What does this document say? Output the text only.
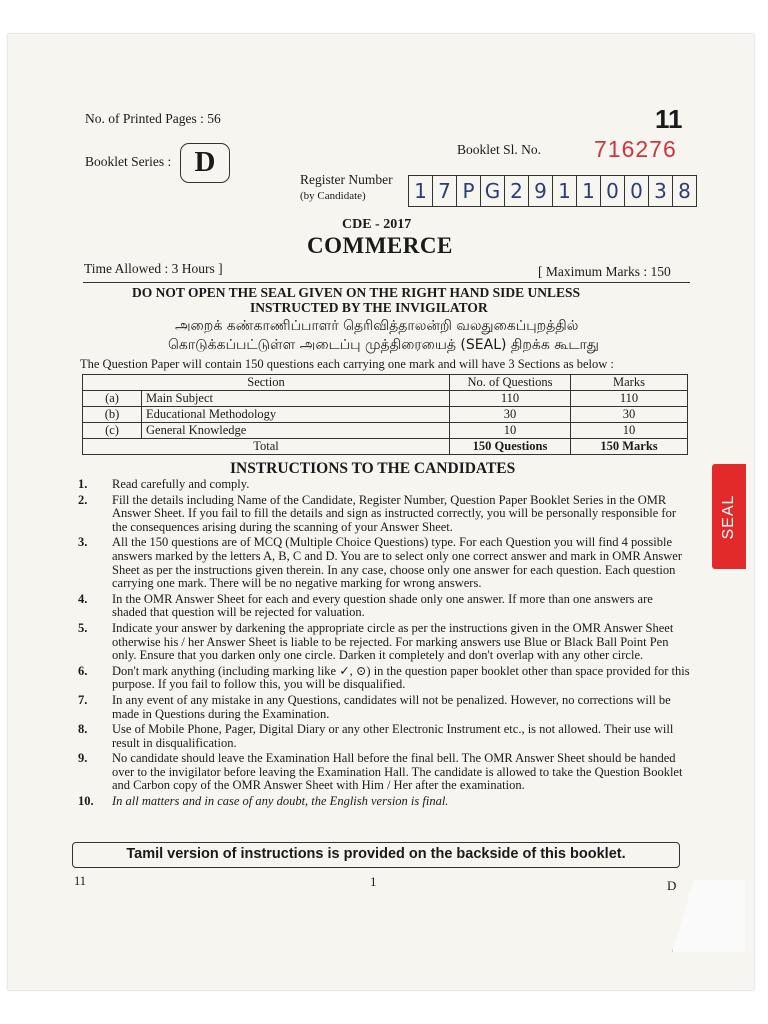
No. of Printed Pages : 56	11
Booklet Series : D	Booklet Sl. No. 716276
Register Number
(by Candidate) 1 7 P G 2 9 1 1 0 0 3 8
CDE - 2017
COMMERCE
Time Allowed : 3 Hours ]	[ Maximum Marks : 150
DO NOT OPEN THE SEAL GIVEN ON THE RIGHT HAND SIDE UNLESS
INSTRUCTED BY THE INVIGILATOR
அறைக் கண்காணிப்பாளர் தெரிவித்தாலன்றி வலதுகைப்புறத்தில்
கொடுக்கப்பட்டுள்ள அடைப்பு முத்திரையைத் (SEAL) திறக்க கூடாது
The Question Paper will contain 150 questions each carrying one mark and will have 3 Sections as below :
Section		No. of Questions	Marks
(a)	Main Subject	110	110
(b)	Educational Methodology	30	30
(c)	General Knowledge	10	10
Total		150 Questions	150 Marks
INSTRUCTIONS TO THE CANDIDATES
1.	Read carefully and comply.
2.	Fill the details including Name of the Candidate, Register Number, Question Paper Booklet Series in the OMR Answer Sheet. If you fail to fill the details and sign as instructed correctly, you will be personally responsible for the consequences arising during the scanning of your Answer Sheet.
3.	All the 150 questions are of MCQ (Multiple Choice Questions) type. For each Question you will find 4 possible answers marked by the letters A, B, C and D. You are to select only one correct answer and mark in OMR Answer Sheet as per the instructions given therein. In any case, choose only one answer for each question. Each question carrying one mark. There will be no negative marking for wrong answers.
4.	In the OMR Answer Sheet for each and every question shade only one answer. If more than one answers are shaded that question will be rejected for valuation.
5.	Indicate your answer by darkening the appropriate circle as per the instructions given in the OMR Answer Sheet otherwise his / her Answer Sheet is liable to be rejected. For marking answers use Blue or Black Ball Point Pen only. Ensure that you darken only one circle. Darken it completely and don't overlap with any other circle.
6.	Don't mark anything (including marking like ✓, ⊙) in the question paper booklet other than space provided for this purpose. If you fail to follow this, you will be disqualified.
7.	In any event of any mistake in any Questions, candidates will not be penalized. However, no corrections will be made in Questions during the Examination.
8.	Use of Mobile Phone, Pager, Digital Diary or any other Electronic Instrument etc., is not allowed. Their use will result in disqualification.
9.	No candidate should leave the Examination Hall before the final bell. The OMR Answer Sheet should be handed over to the invigilator before leaving the Examination Hall. The candidate is allowed to take the Question Booklet and Carbon copy of the OMR Answer Sheet with Him / Her after the examination.
10.	In all matters and in case of any doubt, the English version is final.
Tamil version of instructions is provided on the backside of this booklet.
11	1	D
SEAL
